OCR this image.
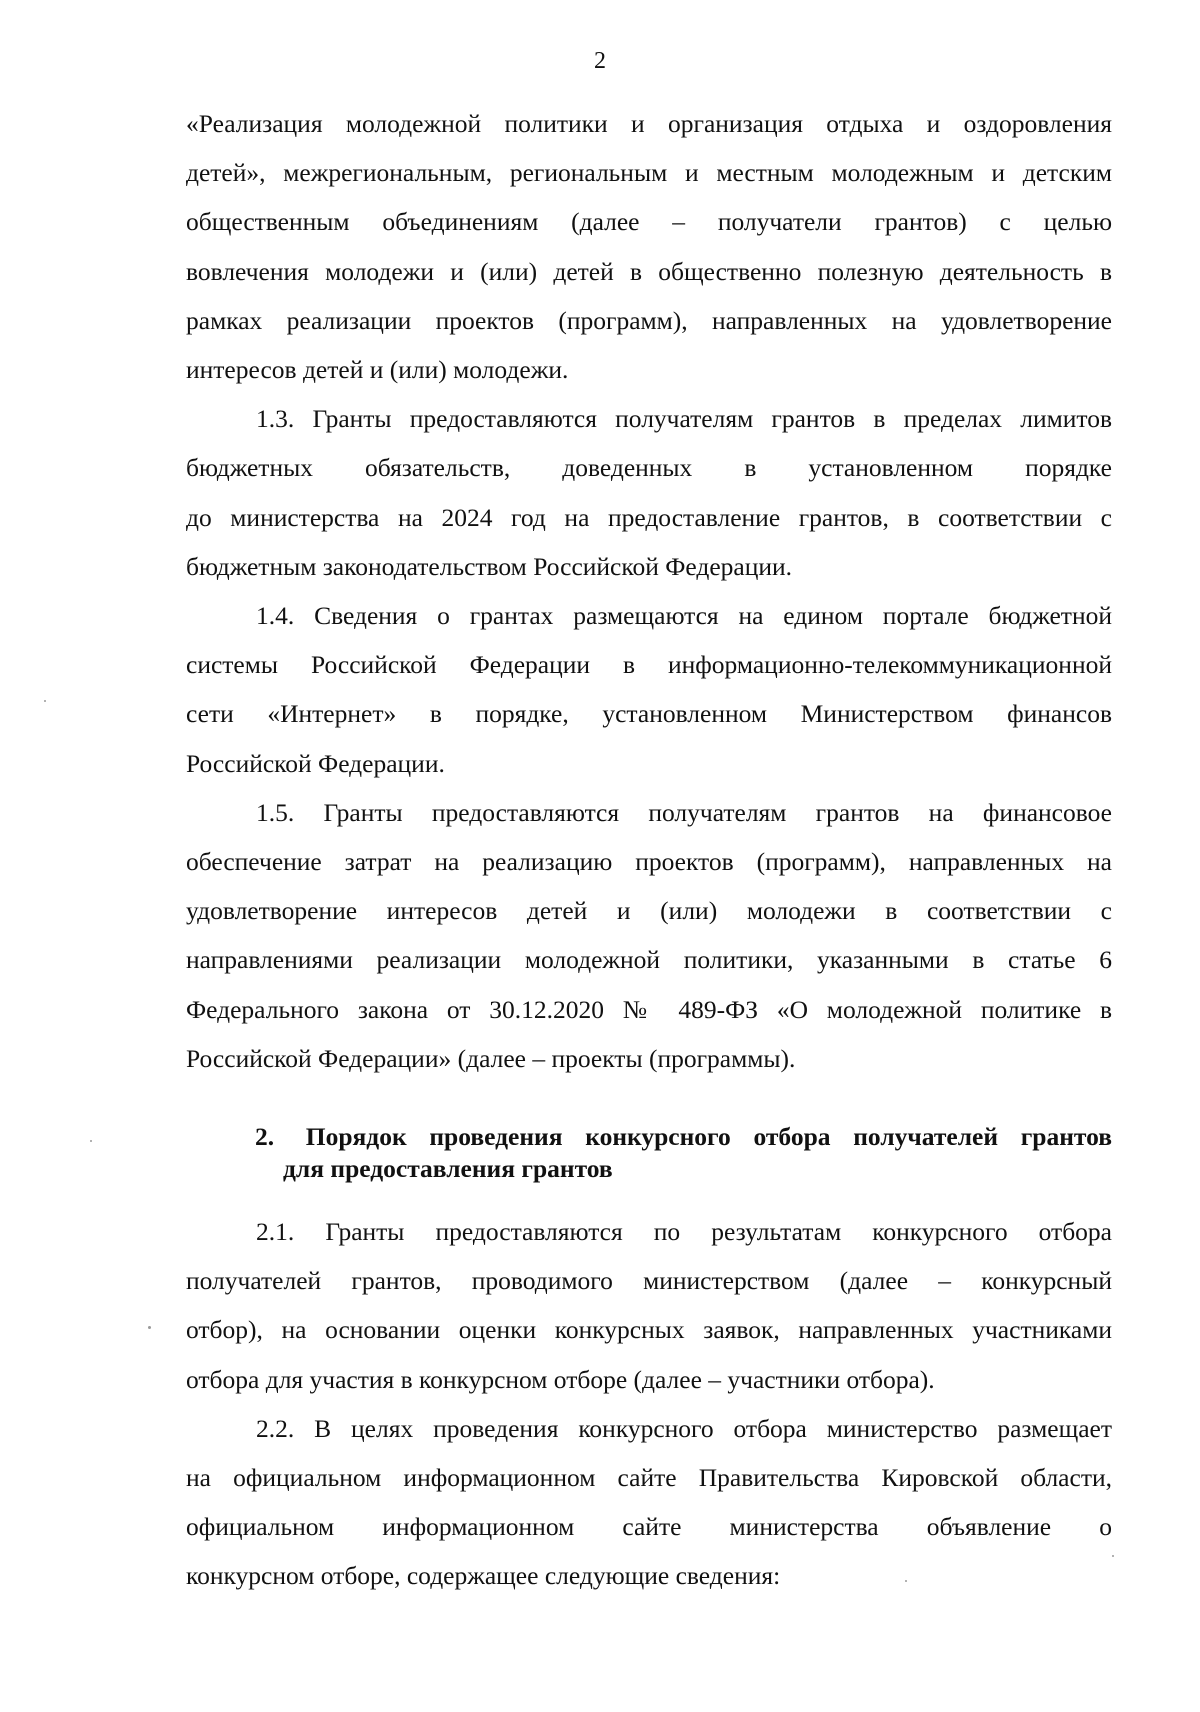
2
«Реализация молодежной политики и организация отдыха и оздоровления
детей», межрегиональным, региональным и местным молодежным и детским
общественным объединениям (далее – получатели грантов) с целью
вовлечения молодежи и (или) детей в общественно полезную деятельность в
рамках реализации проектов (программ), направленных на удовлетворение
интересов детей и (или) молодежи.
1.3. Гранты предоставляются получателям грантов в пределах лимитов
бюджетных обязательств, доведенных в установленном порядке
до министерства на 2024 год на предоставление грантов, в соответствии с
бюджетным законодательством Российской Федерации.
1.4. Сведения о грантах размещаются на едином портале бюджетной
системы Российской Федерации в информационно-телекоммуникационной
сети «Интернет» в порядке, установленном Министерством финансов
Российской Федерации.
1.5. Гранты предоставляются получателям грантов на финансовое
обеспечение затрат на реализацию проектов (программ), направленных на
удовлетворение интересов детей и (или) молодежи в соответствии с
направлениями реализации молодежной политики, указанными в статье 6
Федерального закона от 30.12.2020 № 489-ФЗ «О молодежной политике в
Российской Федерации» (далее – проекты (программы).
2. Порядок проведения конкурсного отбора получателей грантов
для предоставления грантов
2.1. Гранты предоставляются по результатам конкурсного отбора
получателей грантов, проводимого министерством (далее – конкурсный
отбор), на основании оценки конкурсных заявок, направленных участниками
отбора для участия в конкурсном отборе (далее – участники отбора).
2.2. В целях проведения конкурсного отбора министерство размещает
на официальном информационном сайте Правительства Кировской области,
официальном информационном сайте министерства объявление о
конкурсном отборе, содержащее следующие сведения:
